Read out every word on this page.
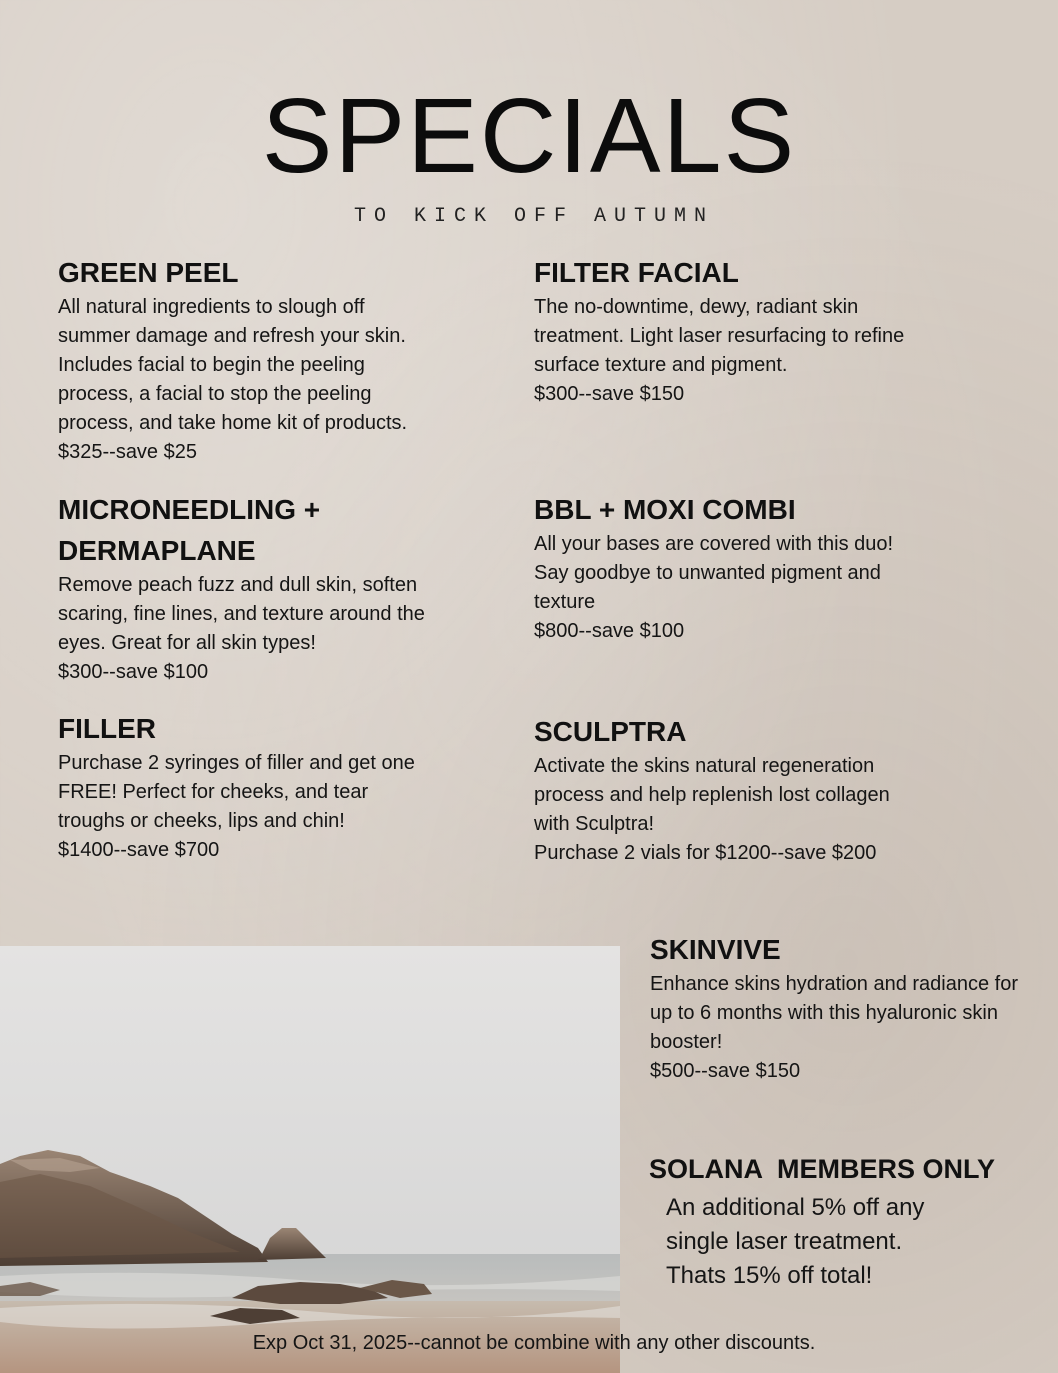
SPECIALS
TO KICK OFF AUTUMN
GREEN PEEL

All natural ingredients to slough off

summer damage and refresh your skin.

Includes facial to begin the peeling

process, a facial to stop the peeling

process, and take home kit of products.

$325--save $25

FILTER FACIAL

The no-downtime, dewy, radiant skin

treatment. Light laser resurfacing to refine

surface texture and pigment.

$300--save $150

MICRONEEDLING +
DERMAPLANE

Remove peach fuzz and dull skin, soften

scaring, fine lines, and texture around the

eyes. Great for all skin types!

$300--save $100

BBL + MOXI COMBI

All your bases are covered with this duo!

Say goodbye to unwanted pigment and

texture

$800--save $100

FILLER

Purchase 2 syringes of filler and get one

FREE! Perfect for cheeks, and tear

troughs or cheeks, lips and chin!

$1400--save $700

SCULPTRA

Activate the skins natural regeneration

process and help replenish lost collagen

with Sculptra!

Purchase 2 vials for $1200--save $200

SKINVIVE

Enhance skins hydration and radiance for

up to 6 months with this hyaluronic skin

booster!

$500--save $150

SOLANA  MEMBERS ONLY

An additional 5% off any

single laser treatment.

Thats 15% off total!

Exp Oct 31, 2025--cannot be combine with any other discounts.
